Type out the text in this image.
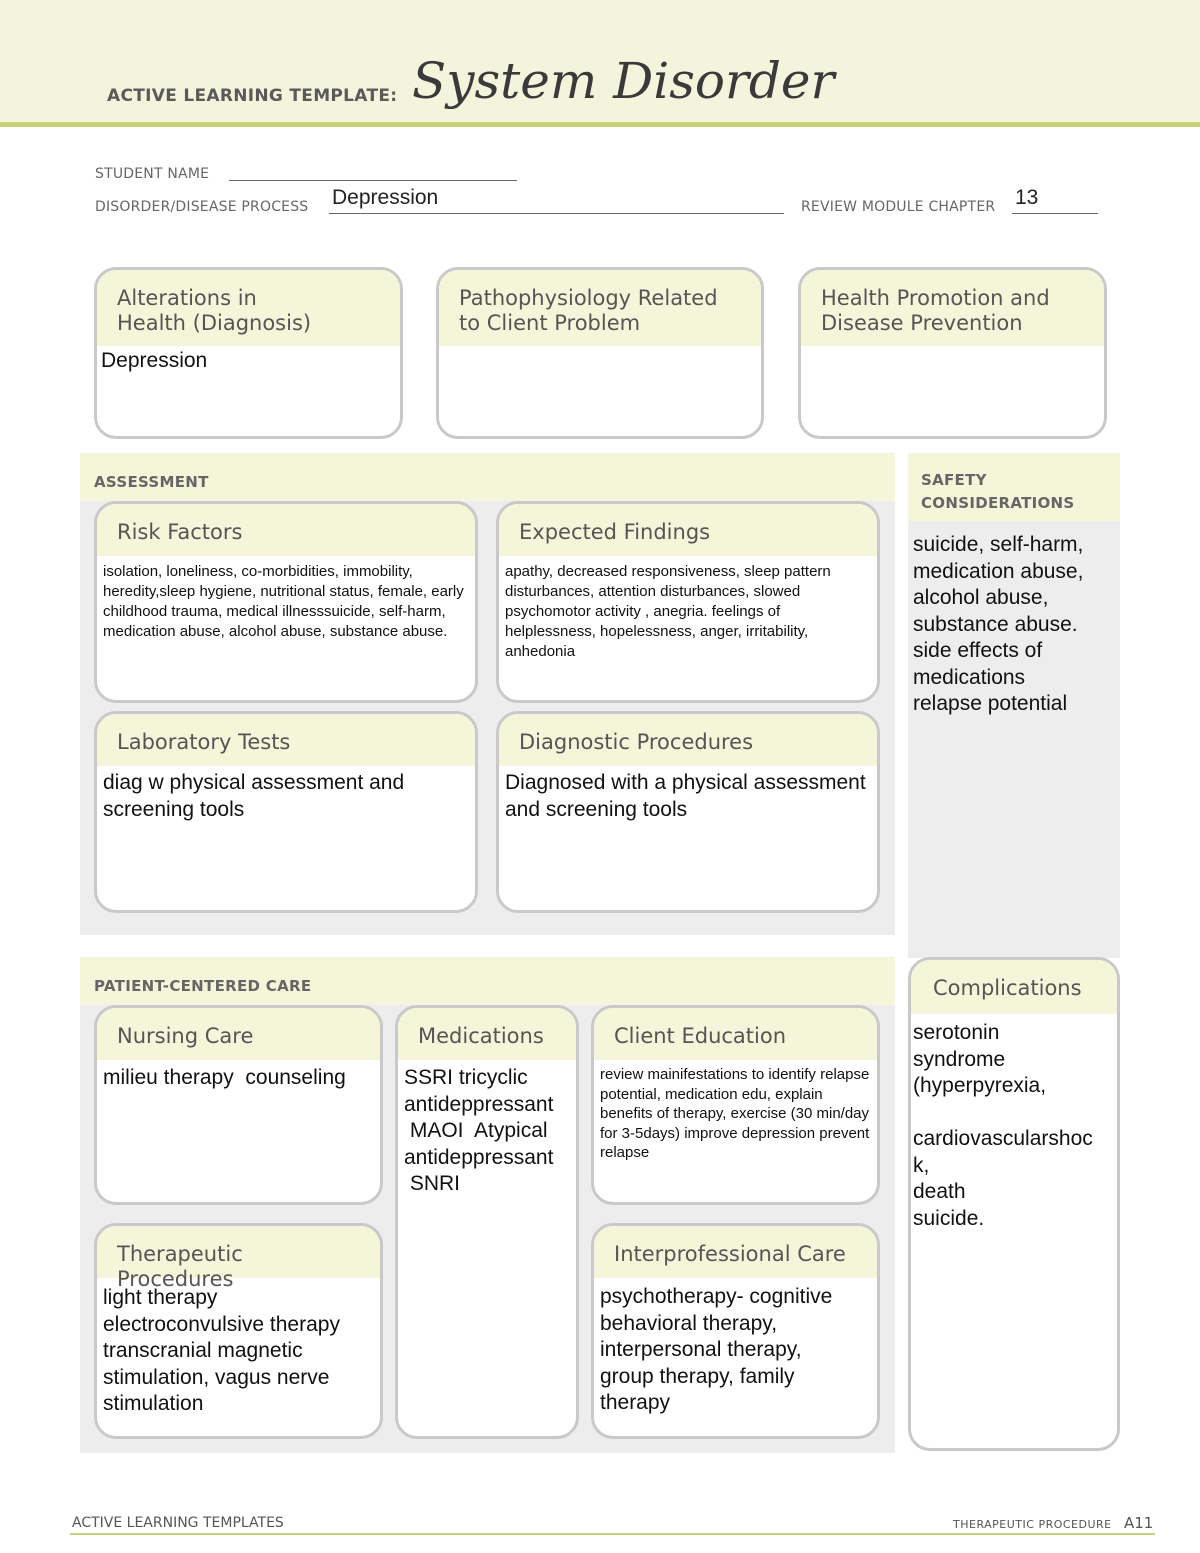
ACTIVE LEARNING TEMPLATE: System Disorder
STUDENT NAME
DISORDER/DISEASE PROCESS Depression	REVIEW MODULE CHAPTER 13
Alterations in
Health (Diagnosis)
Depression
Pathophysiology Related
to Client Problem
Health Promotion and
Disease Prevention
ASSESSMENT
Risk Factors
isolation, loneliness, co-morbidities, immobility, heredity,sleep hygiene, nutritional status, female, early childhood trauma, medical illnesssuicide, self-harm, medication abuse, alcohol abuse, substance abuse.
Expected Findings
apathy, decreased responsiveness, sleep pattern disturbances, attention disturbances, slowed psychomotor activity , anegria. feelings of helplessness, hopelessness, anger, irritability, anhedonia
Laboratory Tests
diag w physical assessment and screening tools
Diagnostic Procedures
Diagnosed with a physical assessment and screening tools
SAFETY
CONSIDERATIONS
suicide, self-harm,
medication abuse,
alcohol abuse,
substance abuse.
side effects of
medications
relapse potential
PATIENT-CENTERED CARE
Nursing Care
milieu therapy  counseling
Medications
SSRI tricyclic
antideppressant
MAOI  Atypical
antideppressant
SNRI
Client Education
review mainifestations to identify relapse potential, medication edu, explain benefits of therapy, exercise (30 min/day for 3-5days) improve depression prevent relapse
Therapeutic Procedures
light therapy
electroconvulsive therapy
transcranial magnetic
stimulation, vagus nerve
stimulation
Interprofessional Care
psychotherapy- cognitive
behavioral therapy,
interpersonal therapy,
group therapy, family
therapy
Complications
serotonin
syndrome
(hyperpyrexia,

cardiovascularshoc
k,
death
suicide.
ACTIVE LEARNING TEMPLATES	THERAPEUTIC PROCEDURE A11
